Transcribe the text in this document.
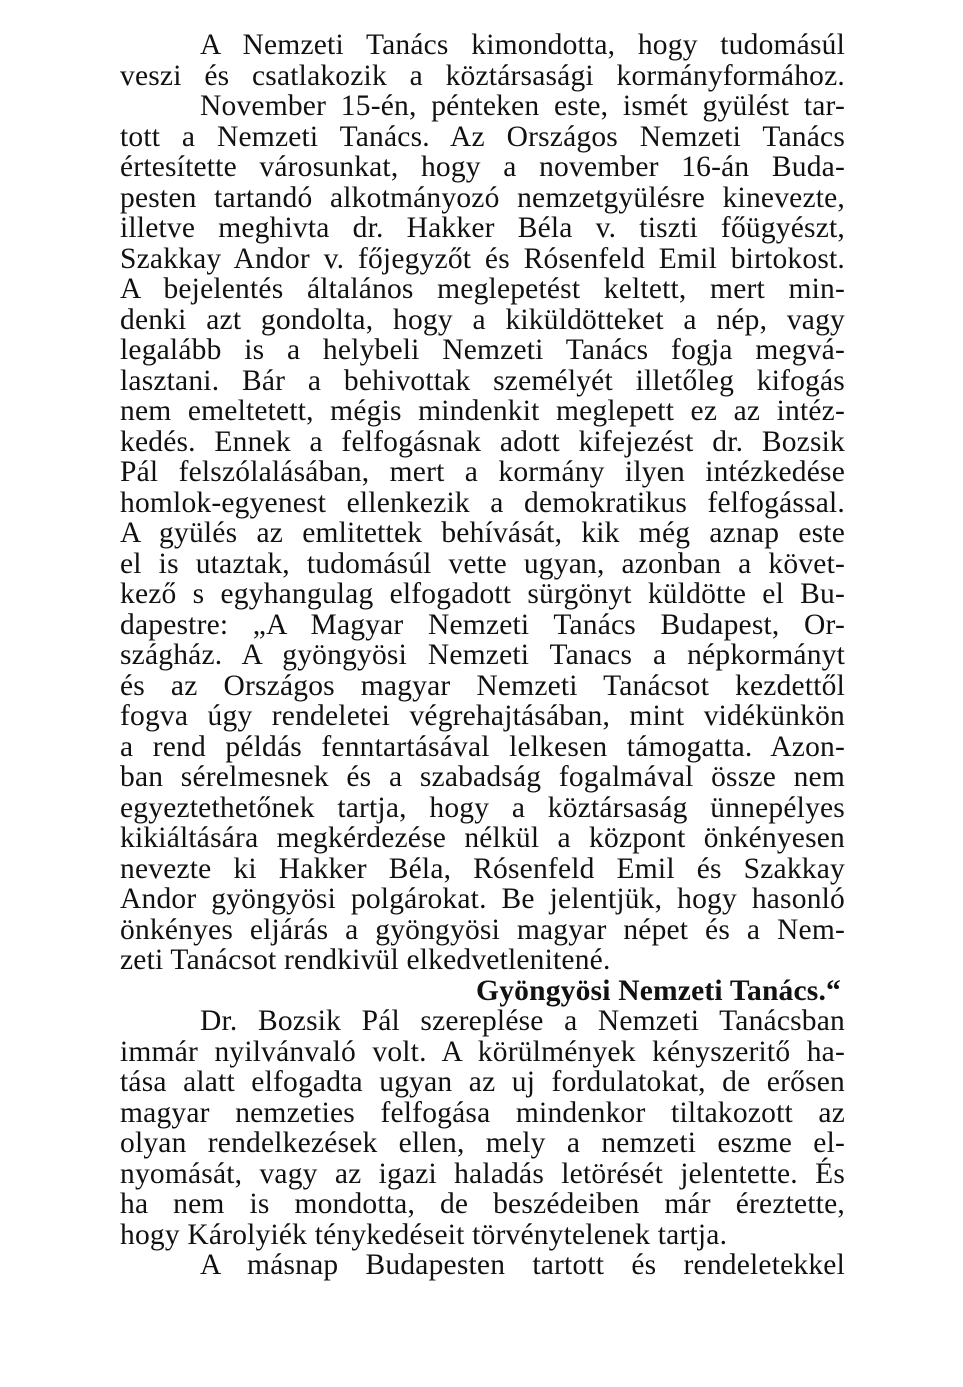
A Nemzeti Tanács kimondotta, hogy tudomásúl
veszi és csatlakozik a köztársasági kormányformához.
November 15-én, pénteken este, ismét gyülést tar-
tott a Nemzeti Tanács. Az Országos Nemzeti Tanács
értesítette városunkat, hogy a november 16-án Buda-
pesten tartandó alkotmányozó nemzetgyülésre kinevezte,
illetve meghivta dr. Hakker Béla v. tiszti főügyészt,
Szakkay Andor v. főjegyzőt és Rósenfeld Emil birtokost.
A bejelentés általános meglepetést keltett, mert min-
denki azt gondolta, hogy a kiküldötteket a nép, vagy
legalább is a helybeli Nemzeti Tanács fogja megvá-
lasztani. Bár a behivottak személyét illetőleg kifogás
nem emeltetett, mégis mindenkit meglepett ez az intéz-
kedés. Ennek a felfogásnak adott kifejezést dr. Bozsik
Pál felszólalásában, mert a kormány ilyen intézkedése
homlok-egyenest ellenkezik a demokratikus felfogással.
A gyülés az emlitettek behívását, kik még aznap este
el is utaztak, tudomásúl vette ugyan, azonban a követ-
kező s egyhangulag elfogadott sürgönyt küldötte el Bu-
dapestre: „A Magyar Nemzeti Tanács Budapest, Or-
szágház. A gyöngyösi Nemzeti Tanacs a népkormányt
és az Országos magyar Nemzeti Tanácsot kezdettől
fogva úgy rendeletei végrehajtásában, mint vidékünkön
a rend példás fenntartásával lelkesen támogatta. Azon-
ban sérelmesnek és a szabadság fogalmával össze nem
egyeztethetőnek tartja, hogy a köztársaság ünnepélyes
kikiáltására megkérdezése nélkül a központ önkényesen
nevezte ki Hakker Béla, Rósenfeld Emil és Szakkay
Andor gyöngyösi polgárokat. Be jelentjük, hogy hasonló
önkényes eljárás a gyöngyösi magyar népet és a Nem-
zeti Tanácsot rendkivül elkedvetlenitené.
Gyöngyösi Nemzeti Tanács.“
Dr. Bozsik Pál szereplése a Nemzeti Tanácsban
immár nyilvánvaló volt. A körülmények kényszeritő ha-
tása alatt elfogadta ugyan az uj fordulatokat, de erősen
magyar nemzeties felfogása mindenkor tiltakozott az
olyan rendelkezések ellen, mely a nemzeti eszme el-
nyomását, vagy az igazi haladás letörését jelentette. És
ha nem is mondotta, de beszédeiben már éreztette,
hogy Károlyiék ténykedéseit törvénytelenek tartja.
A másnap Budapesten tartott és rendeletekkel
